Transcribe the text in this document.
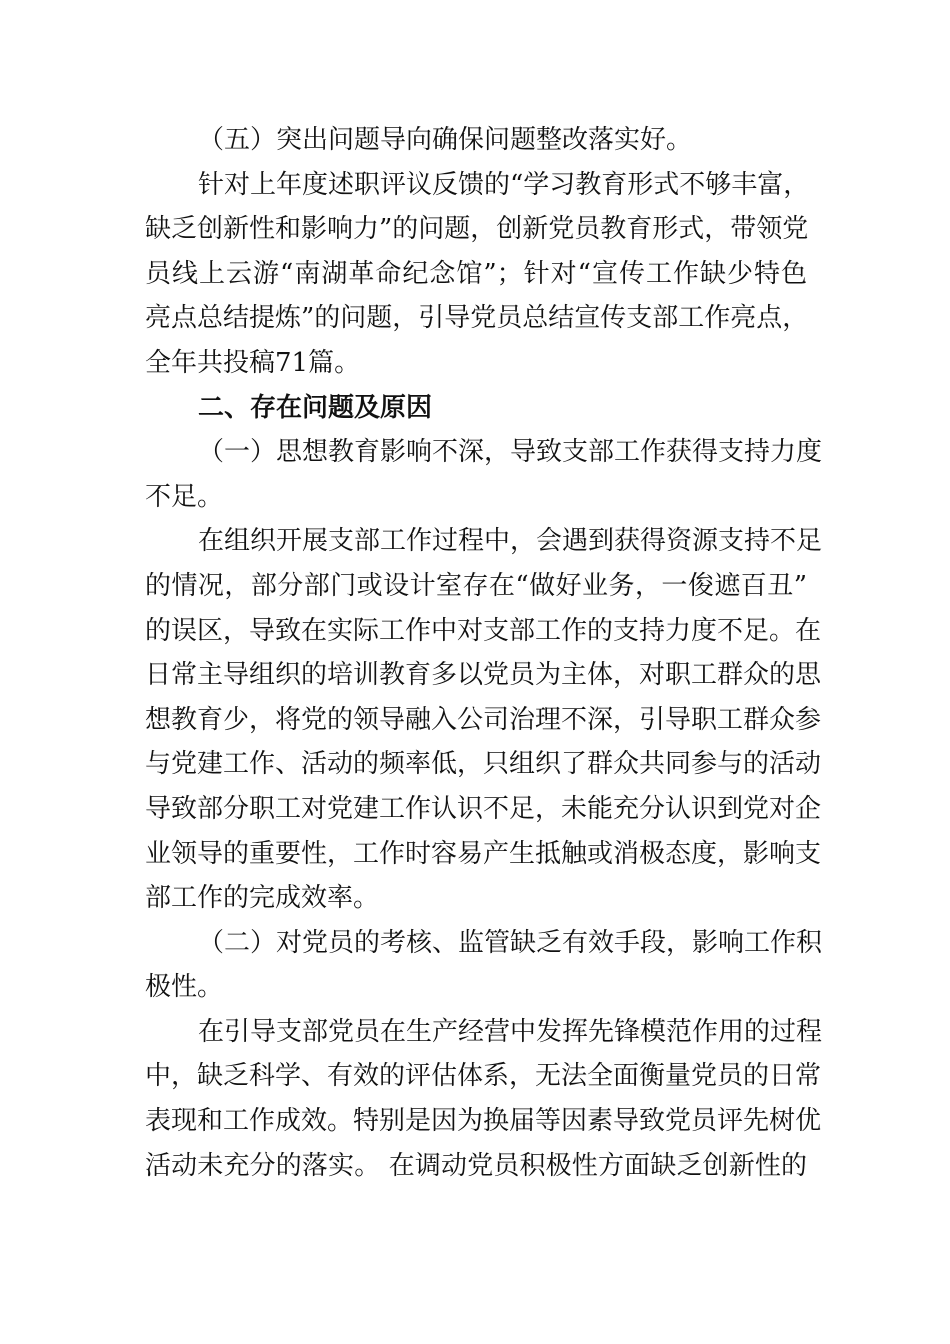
（五）突出问题导向确保问题整改落实好。
针对上年度述职评议反馈的“学习教育形式不够丰富，
缺乏创新性和影响力”的问题，创新党员教育形式，带领党
员线上云游“南湖革命纪念馆”；针对“宣传工作缺少特色
亮点总结提炼”的问题，引导党员总结宣传支部工作亮点，
全年共投稿71篇。
二、存在问题及原因
（一）思想教育影响不深，导致支部工作获得支持力度
不足。
在组织开展支部工作过程中，会遇到获得资源支持不足
的情况，部分部门或设计室存在“做好业务，一俊遮百丑”
的误区，导致在实际工作中对支部工作的支持力度不足。在
日常主导组织的培训教育多以党员为主体，对职工群众的思
想教育少，将党的领导融入公司治理不深，引导职工群众参
与党建工作、活动的频率低，只组织了群众共同参与的活动
导致部分职工对党建工作认识不足，未能充分认识到党对企
业领导的重要性，工作时容易产生抵触或消极态度，影响支
部工作的完成效率。
（二）对党员的考核、监管缺乏有效手段，影响工作积
极性。
在引导支部党员在生产经营中发挥先锋模范作用的过程
中，缺乏科学、有效的评估体系，无法全面衡量党员的日常
表现和工作成效。特别是因为换届等因素导致党员评先树优
活动未充分的落实。 在调动党员积极性方面缺乏创新性的
